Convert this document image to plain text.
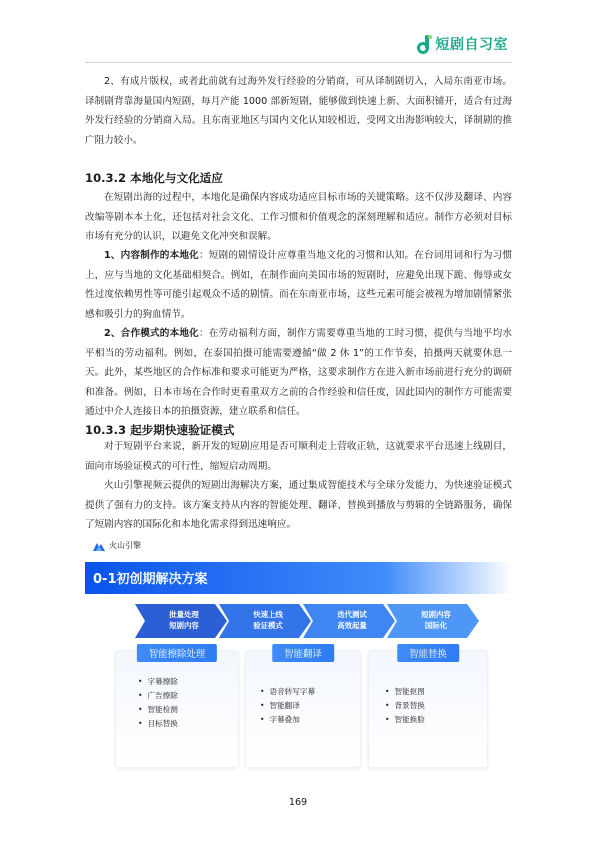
短剧自习室

2、有成片版权，或者此前就有过海外发行经验的分销商，可从译制剧切入，入局东南亚市场。译制剧背靠海量国内短剧，每月产能 1000 部新短剧，能够做到快速上新、大面积铺开，适合有过海外发行经验的分销商入局。且东南亚地区与国内文化认知较相近，受网文出海影响较大，译制剧的推广阻力较小。

10.3.2 本地化与文化适应

在短剧出海的过程中，本地化是确保内容成功适应目标市场的关键策略。这不仅涉及翻译、内容改编等剧本本土化，还包括对社会文化、工作习惯和价值观念的深刻理解和适应。制作方必须对目标市场有充分的认识，以避免文化冲突和误解。

1、内容制作的本地化：短剧的剧情设计应尊重当地文化的习惯和认知。在台词用词和行为习惯上，应与当地的文化基础相契合。例如，在制作面向美国市场的短剧时，应避免出现下跪、侮辱或女性过度依赖男性等可能引起观众不适的剧情。而在东南亚市场，这些元素可能会被视为增加剧情紧张感和吸引力的狗血情节。

2、合作模式的本地化：在劳动福利方面，制作方需要尊重当地的工时习惯，提供与当地平均水平相当的劳动福利。例如，在泰国拍摄可能需要遵循“做 2 休 1”的工作节奏，拍摄两天就要休息一天。此外，某些地区的合作标准和要求可能更为严格，这要求制作方在进入新市场前进行充分的调研和准备。例如，日本市场在合作时更看重双方之前的合作经验和信任度，因此国内的制作方可能需要通过中介人连接日本的拍摄资源，建立联系和信任。

10.3.3 起步期快速验证模式

对于短剧平台来说，新开发的短剧应用是否可顺利走上营收正轨，这就要求平台迅速上线剧目，面向市场验证模式的可行性，缩短启动周期。

火山引擎视频云提供的短剧出海解决方案，通过集成智能技术与全球分发能力，为快速验证模式提供了强有力的支持。该方案支持从内容的智能处理、翻译、替换到播放与剪辑的全链路服务，确保了短剧内容的国际化和本地化需求得到迅速响应。

火山引擎
0-1初创期解决方案
批量处理
短剧内容
快速上线
验证模式
迭代测试
高效起量
短剧内容
国际化
智能擦除处理
• 字幕擦除
• 广告擦除
• 智能检测
• 目标替换
智能翻译
• 语音转写字幕
• 智能翻译
• 字幕叠加
智能替换
• 智能抠图
• 背景替换
• 智能换脸
169
